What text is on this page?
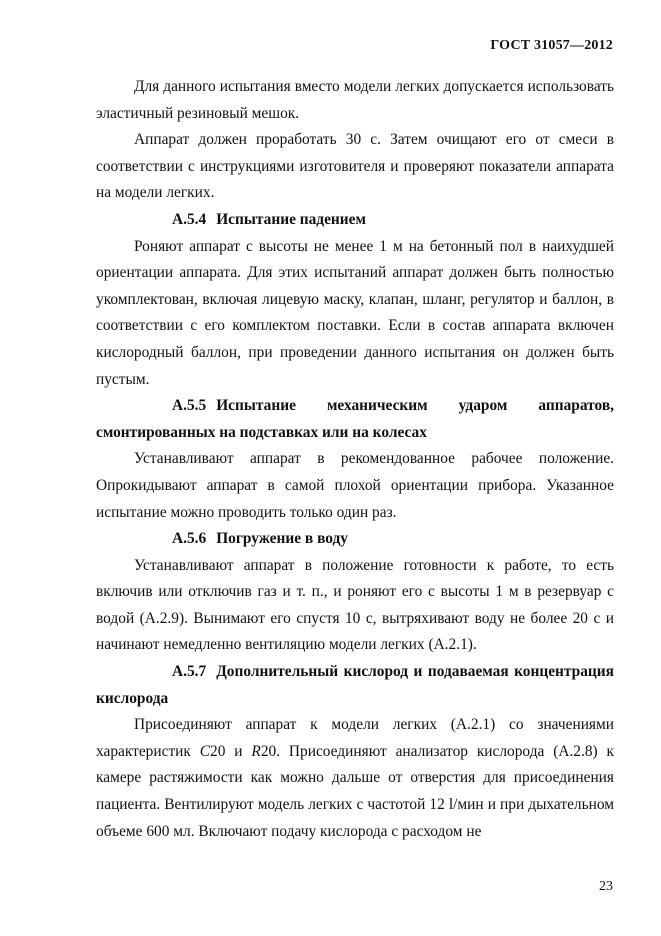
ГОСТ 31057—2012

Для данного испытания вместо модели легких допускается использовать эластичный резиновый мешок.

Аппарат должен проработать 30 с. Затем очищают его от смеси в соответствии с инструкциями изготовителя и проверяют показатели аппарата на модели легких.

А.5.4 Испытание падением

Роняют аппарат с высоты не менее 1 м на бетонный пол в наихудшей ориентации аппарата. Для этих испытаний аппарат должен быть полностью укомплектован, включая лицевую маску, клапан, шланг, регулятор и баллон, в соответствии с его комплектом поставки. Если в состав аппарата включен кислородный баллон, при проведении данного испытания он должен быть пустым.

А.5.5 Испытание механическим ударом аппаратов, смонтированных на подставках или на колесах

Устанавливают аппарат в рекомендованное рабочее положение. Опрокидывают аппарат в самой плохой ориентации прибора. Указанное испытание можно проводить только один раз.

А.5.6 Погружение в воду

Устанавливают аппарат в положение готовности к работе, то есть включив или отключив газ и т. п., и роняют его с высоты 1 м в резервуар с водой (А.2.9). Вынимают его спустя 10 с, вытряхивают воду не более 20 с и начинают немедленно вентиляцию модели легких (А.2.1).

А.5.7 Дополнительный кислород и подаваемая концентрация кислорода

Присоединяют аппарат к модели легких (А.2.1) со значениями характеристик C20 и R20. Присоединяют анализатор кислорода (А.2.8) к камере растяжимости как можно дальше от отверстия для присоединения пациента. Вентилируют модель легких с частотой 12 l/мин и при дыхательном объеме 600 мл. Включают подачу кислорода с расходом не

23
